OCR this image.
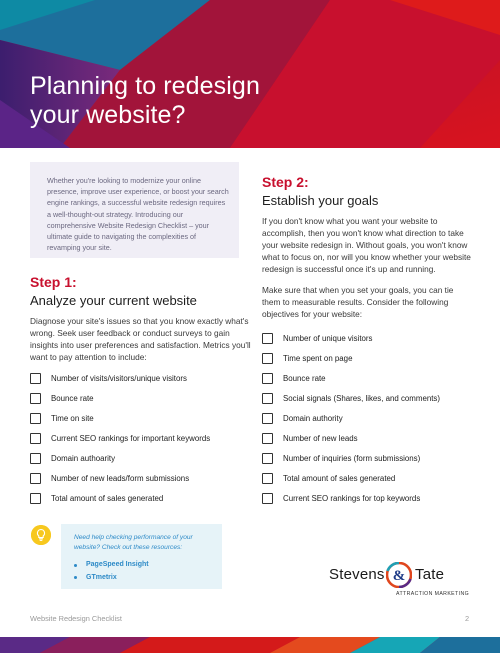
Planning to redesign
your website?

Whether you're looking to modernize your online presence, improve user experience, or boost your search engine rankings, a successful website redesign requires a well-thought-out strategy. Introducing our comprehensive Website Redesign Checklist – your ultimate guide to navigating the complexities of revamping your site.

Step 1:
Analyze your current website
Diagnose your site's issues so that you know exactly what's wrong. Seek user feedback or conduct surveys to gain insights into user preferences and satisfaction. Metrics you'll want to pay attention to include:
Number of visits/visitors/unique visitors
Bounce rate
Time on site
Current SEO rankings for important keywords
Domain authoarity
Number of new leads/form submissions
Total amount of sales generated
Step 2:
Establish your goals
If you don't know what you want your website to accomplish, then you won't know what direction to take your website redesign in. Without goals, you won't know what to focus on, nor will you know whether your website redesign is successful once it's up and running.
Make sure that when you set your goals, you can tie them to measurable results. Consider the following objectives for your website:
Number of unique visitors
Time spent on page
Bounce rate
Social signals (Shares, likes, and comments)
Domain authority
Number of new leads
Number of inquiries (form submissions)
Total amount of sales generated
Current SEO rankings for top keywords
Need help checking performance of your website? Check out these resources:
PageSpeed Insight
GTmetrix	Stevens & Tate
ATTRACTION MARKETING
Website Redesign Checklist	2
